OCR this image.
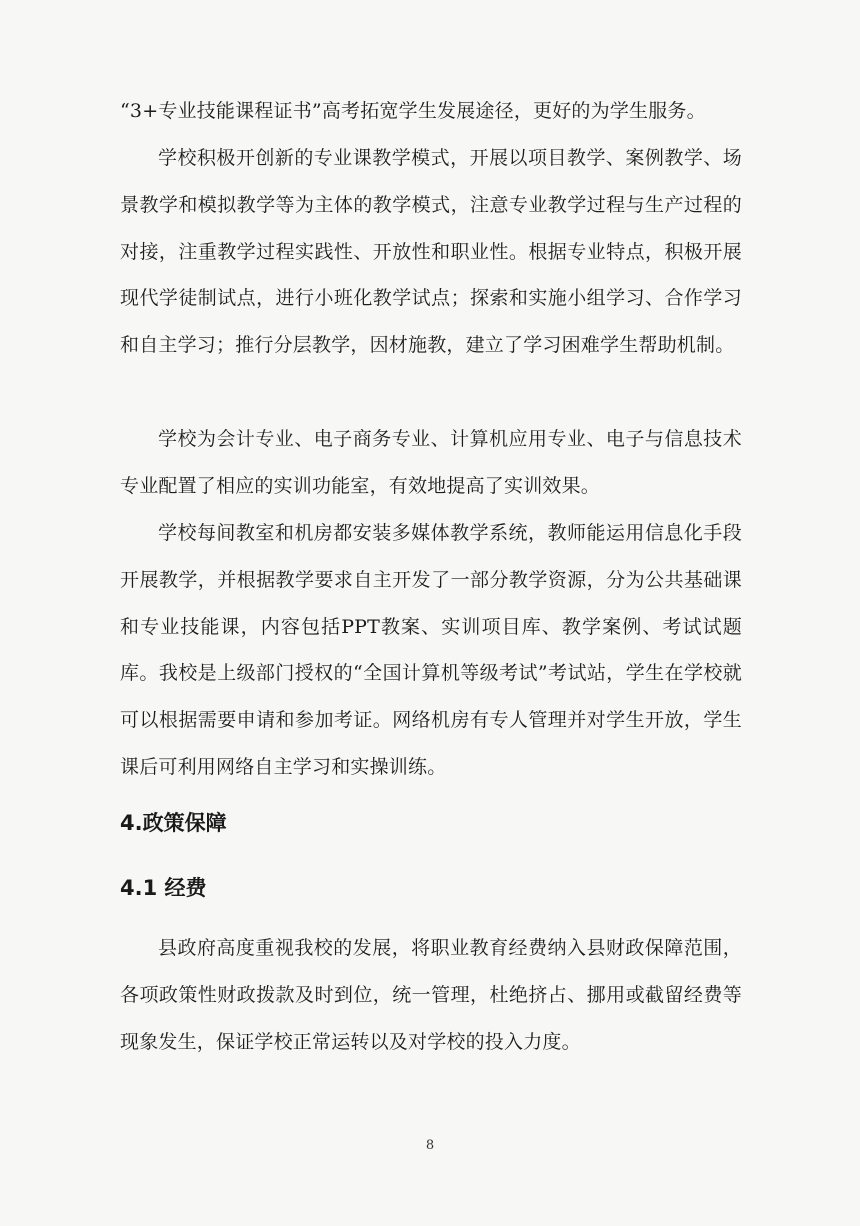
“3+专业技能课程证书”高考拓宽学生发展途径，更好的为学生服务。

学校积极开创新的专业课教学模式，开展以项目教学、案例教学、场景教学和模拟教学等为主体的教学模式，注意专业教学过程与生产过程的对接，注重教学过程实践性、开放性和职业性。根据专业特点，积极开展现代学徒制试点，进行小班化教学试点；探索和实施小组学习、合作学习和自主学习；推行分层教学，因材施教，建立了学习困难学生帮助机制。

学校为会计专业、电子商务专业、计算机应用专业、电子与信息技术专业配置了相应的实训功能室，有效地提高了实训效果。

学校每间教室和机房都安装多媒体教学系统，教师能运用信息化手段开展教学，并根据教学要求自主开发了一部分教学资源，分为公共基础课和专业技能课，内容包括PPT教案、实训项目库、教学案例、考试试题库。我校是上级部门授权的“全国计算机等级考试”考试站，学生在学校就可以根据需要申请和参加考证。网络机房有专人管理并对学生开放，学生课后可利用网络自主学习和实操训练。

4.政策保障
4.1 经费

县政府高度重视我校的发展，将职业教育经费纳入县财政保障范围，各项政策性财政拨款及时到位，统一管理，杜绝挤占、挪用或截留经费等现象发生，保证学校正常运转以及对学校的投入力度。

8
